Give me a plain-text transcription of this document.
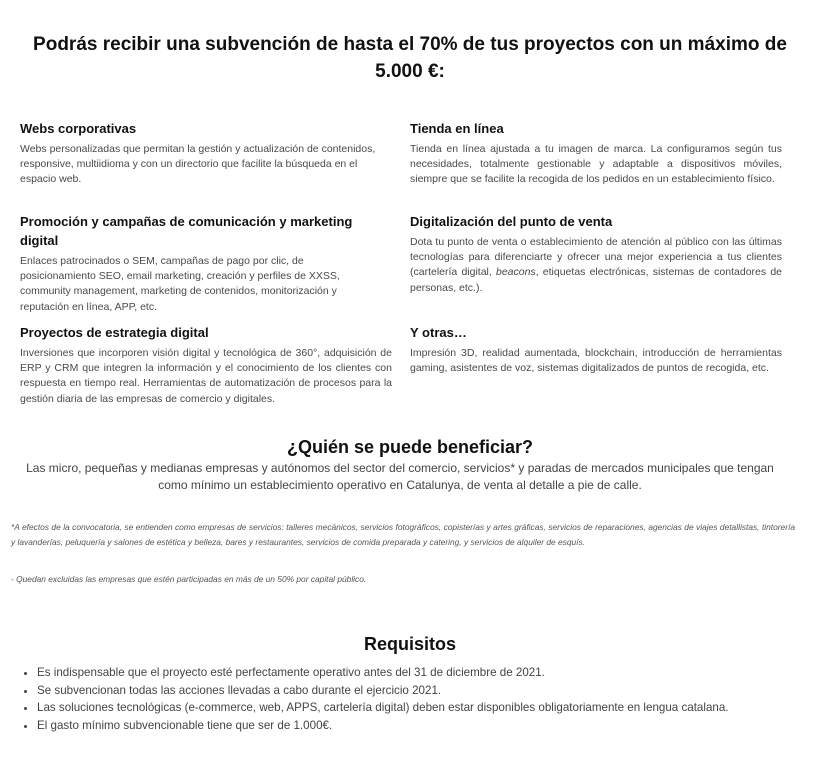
Podrás recibir una subvención de hasta el 70% de tus proyectos con un máximo de 5.000 €:
Webs corporativas

Webs personalizadas que permitan la gestión y actualización de contenidos, responsive, multiidioma y con un directorio que facilite la búsqueda en el espacio web.

Tienda en línea

Tienda en línea ajustada a tu imagen de marca. La configuramos según tus necesidades, totalmente gestionable y adaptable a dispositivos móviles, siempre que se facilite la recogida de los pedidos en un establecimiento físico.

Promoción y campañas de comunicación y marketing digital

Enlaces patrocinados o SEM, campañas de pago por clic, de posicionamiento SEO, email marketing, creación y perfiles de XXSS, community management, marketing de contenidos, monitorización y reputación en línea, APP, etc.

Digitalización del punto de venta

Dota tu punto de venta o establecimiento de atención al público con las últimas tecnologías para diferenciarte y ofrecer una mejor experiencia a tus clientes (cartelería digital, beacons, etiquetas electrónicas, sistemas de contadores de personas, etc.).

Proyectos de estrategia digital

Inversiones que incorporen visión digital y tecnológica de 360°, adquisición de ERP y CRM que integren la información y el conocimiento de los clientes con respuesta en tiempo real. Herramientas de automatización de procesos para la gestión diaria de las empresas de comercio y digitales.

Y otras…

Impresión 3D, realidad aumentada, blockchain, introducción de herramientas gaming, asistentes de voz, sistemas digitalizados de puntos de recogida, etc.

¿Quién se puede beneficiar?

Las micro, pequeñas y medianas empresas y autónomos del sector del comercio, servicios* y paradas de mercados municipales que tengan como mínimo un establecimiento operativo en Catalunya, de venta al detalle a pie de calle.

*A efectos de la convocatoria, se entienden como empresas de servicios: talleres mecánicos, servicios fotográficos, copisterías y artes gráficas, servicios de reparaciones, agencias de viajes detallistas, tintorería y lavanderías, peluquería y salones de estética y belleza, bares y restaurantes, servicios de comida preparada y catering, y servicios de alquiler de esquís.

- Quedan excluidas las empresas que estén participadas en más de un 50% por capital público.

Requisitos
• Es indispensable que el proyecto esté perfectamente operativo antes del 31 de diciembre de 2021.
• Se subvencionan todas las acciones llevadas a cabo durante el ejercicio 2021.
• Las soluciones tecnológicas (e-commerce, web, APPS, cartelería digital) deben estar disponibles obligatoriamente en lengua catalana.
• El gasto mínimo subvencionable tiene que ser de 1.000€.
